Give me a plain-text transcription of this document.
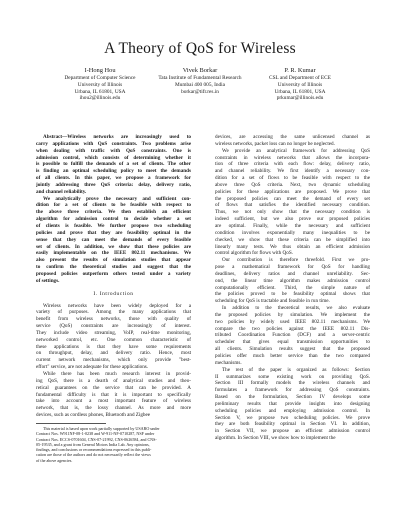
A Theory of QoS for Wireless
I-Hong Hou
Department of Computer Science
University of Illinois
Urbana, IL 61801, USA
ihou2@illinois.edu
Vivek Borkar
Tata Institute of Fundamental Research
Mumbai 400 005, India
borkar@tifr.res.in
P. R. Kumar
CSL and Department of ECE
University of Illinois
Urbana, IL 61801, USA
prkumar@illinois.edu
Abstract—Wireless networks are increasingly used to
carry applications with QoS constraints. Two problems arise
when dealing with traffic with QoS constraints. One is
admission control, which consists of determining whether it
is possible to fulfill the demands of a set of clients. The other
is finding an optimal scheduling policy to meet the demands
of all clients. In this paper, we propose a framework for
jointly addressing three QoS criteria: delay, delivery ratio,
and channel reliability.
We analytically prove the necessary and sufficient con-
dition for a set of clients to be feasible with respect to
the above three criteria. We then establish an efficient
algorithm for admission control to decide whether a set
of clients is feasible. We further propose two scheduling
policies and prove that they are feasibility optimal in the
sense that they can meet the demands of every feasible
set of clients. In addition, we show that these policies are
easily implementable on the IEEE 802.11 mechanisms. We
also present the results of simulation studies that appear
to confirm the theoretical studies and suggest that the
proposed policies outperform others tested under a variety
of settings.
I. Introduction
Wireless networks have been widely deployed for a
variety of purposes. Among the many applications that
benefit from wireless networks, those with quality of
service (QoS) constraints are increasingly of interest.
They include video streaming, VoIP, real-time monitoring,
networked control, etc. One common characteristic of
these applications is that they have some requirements
on throughput, delay, and delivery ratio. Hence, most
current network mechanisms, which only provide "best-
effort" service, are not adequate for these applications.
While there has been much research interest in provid-
ing QoS, there is a dearth of analytical studies and theo-
retical guarantees on the service that can be provided. A
fundamental difficulty is that it is important to specifically
take into account a most important feature of wireless
network, that is, the lossy channel. As more and more
devices, such as cordless phones, Bluetooth and Zigbee
This material is based upon work partially supported by USARO under
Contract Nos. W911NF-08-1-0238 and W-911-NF-0710287, NSF under
Contract Nos. ECCS-0701604, CNS-07-21992, CNS-0626584, and CNS-
05-19535, and a grant from General Motors India Lab. Any opinions,
findings, and conclusions or recommendations expressed in this publi-
cation are those of the authors and do not necessarily reflect the views
of the above agencies.
devices, are accessing the same unlicensed channel as
wireless networks, packet loss can no longer be neglected.
We provide an analytical framework for addressing QoS
constraints in wireless networks that allows the incorpora-
tion of three criteria with each flow: delay, delivery ratio,
and channel reliability. We first identify a necessary con-
dition for a set of flows to be feasible with respect to the
above three QoS criteria. Next, two dynamic scheduling
policies for these applications are proposed. We prove that
the proposed policies can meet the demand of every set
of flows that satisfies the identified necessary condition.
Thus, we not only show that the necessary condition is
indeed sufficient, but we also prove our proposed policies
are optimal. Finally, while the necessary and sufficient
condition involves exponentially many inequalities to be
checked, we show that these criteria can be simplified into
linearly many tests. We thus obtain an efficient admission
control algorithm for flows with QoS.
Our contribution is therefore threefold. First we pro-
pose a mathematical framework for QoS for handling
deadlines, delivery ratios and channel unreliability. Sec-
ond, the linear time algorithm makes admission control
computationally efficient. Third, the simple nature of
the policies proved to be feasibility optimal shows that
scheduling for QoS is tractable and feasible in run time.
In addition to the theoretical results, we also evaluate
the proposed policies by simulation. We implement the
two policies by widely used IEEE 802.11 mechanisms. We
compare the two policies against the IEEE 802.11 Dis-
tributed Coordination Function (DCF) and a server-centric
scheduler that gives equal transmission opportunities to
all clients. Simulation results suggest that the proposed
policies offer much better service than the two compared
mechanisms.
The rest of the paper is organized as follows: Section
II summarizes some existing work on providing QoS.
Section III formally models the wireless channels and
formulates a framework for addressing QoS constraints.
Based on the formulation, Section IV develops some
preliminary results that provide insights into designing
scheduling policies and employing admission control. In
Section V, we propose two scheduling policies. We prove
they are both feasibility optimal in Section VI. In addition,
in Section VII, we propose an efficient admission control
algorithm. In Section VIII, we show how to implement the
